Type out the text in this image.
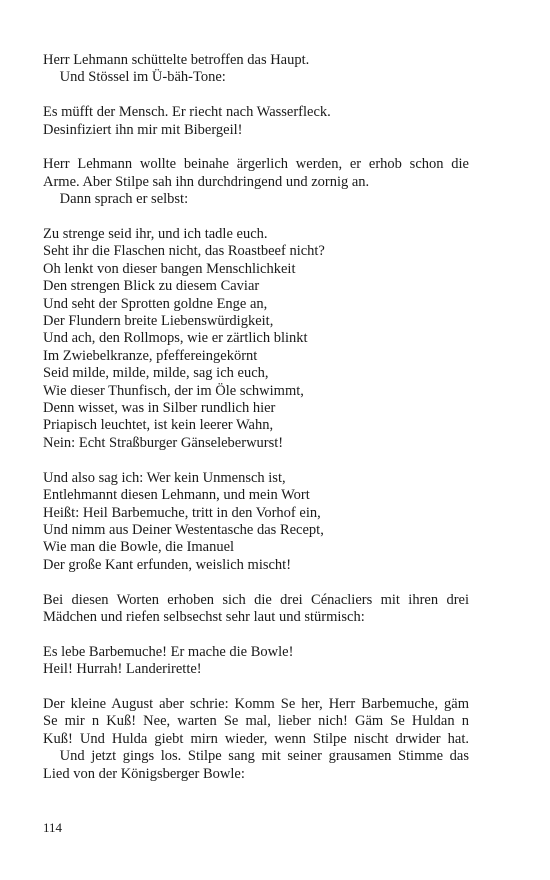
Herr Lehmann schüttelte betroffen das Haupt.
Und Stössel im Ü-bäh-Tone:
Es müfft der Mensch. Er riecht nach Wasserfleck.
Desinfiziert ihn mir mit Bibergeil!
Herr Lehmann wollte beinahe ärgerlich werden, er erhob schon die
Arme. Aber Stilpe sah ihn durchdringend und zornig an.
Dann sprach er selbst:
Zu strenge seid ihr, und ich tadle euch.
Seht ihr die Flaschen nicht, das Roastbeef nicht?
Oh lenkt von dieser bangen Menschlichkeit
Den strengen Blick zu diesem Caviar
Und seht der Sprotten goldne Enge an,
Der Flundern breite Liebenswürdigkeit,
Und ach, den Rollmops, wie er zärtlich blinkt
Im Zwiebelkranze, pfeffereingekörnt
Seid milde, milde, milde, sag ich euch,
Wie dieser Thunfisch, der im Öle schwimmt,
Denn wisset, was in Silber rundlich hier
Priapisch leuchtet, ist kein leerer Wahn,
Nein: Echt Straßburger Gänseleberwurst!
Und also sag ich: Wer kein Unmensch ist,
Entlehmannt diesen Lehmann, und mein Wort
Heißt: Heil Barbemuche, tritt in den Vorhof ein,
Und nimm aus Deiner Westentasche das Recept,
Wie man die Bowle, die Imanuel
Der große Kant erfunden, weislich mischt!
Bei diesen Worten erhoben sich die drei Cénacliers mit ihren drei
Mädchen und riefen selbsechst sehr laut und stürmisch:
Es lebe Barbemuche! Er mache die Bowle!
Heil! Hurrah! Landerirette!
Der kleine August aber schrie: Komm Se her, Herr Barbemuche, gäm
Se mir n Kuß! Nee, warten Se mal, lieber nich! Gäm Se Huldan n
Kuß! Und Hulda giebt mirn wieder, wenn Stilpe nischt drwider hat.
Und jetzt gings los. Stilpe sang mit seiner grausamen Stimme das
Lied von der Königsberger Bowle:
114
